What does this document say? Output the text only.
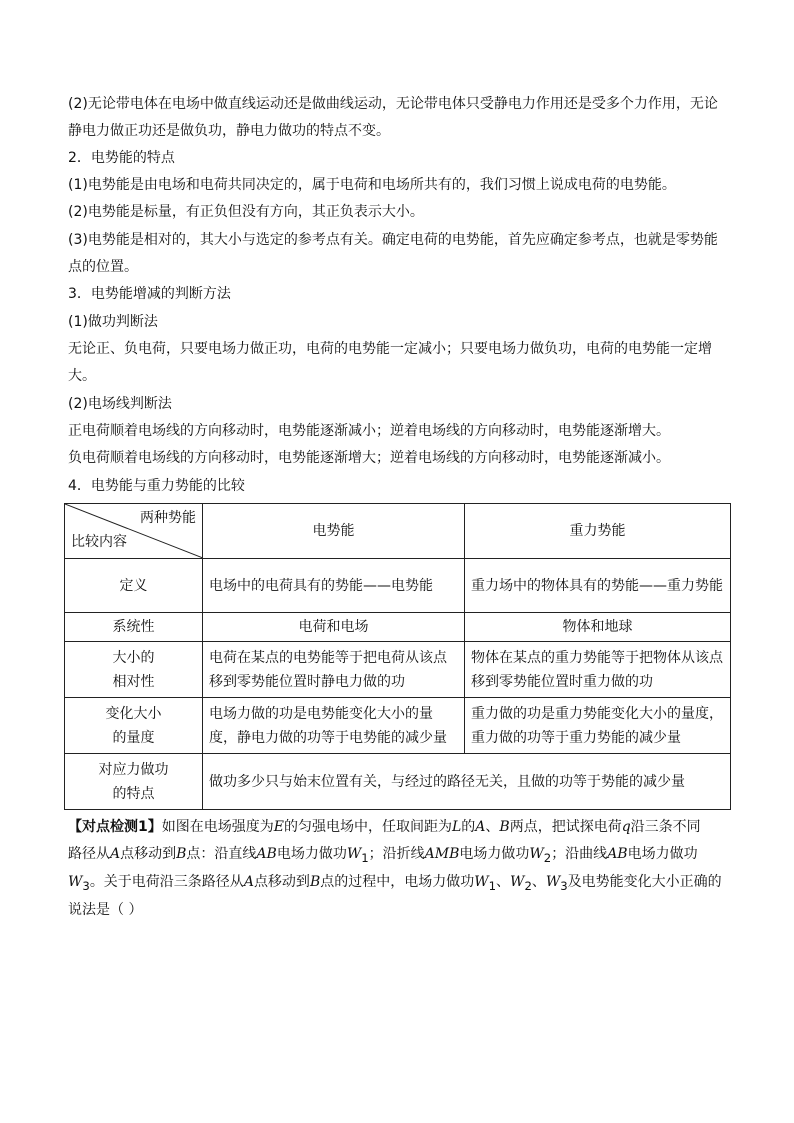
(2)无论带电体在电场中做直线运动还是做曲线运动，无论带电体只受静电力作用还是受多个力作用，无论
静电力做正功还是做负功，静电力做功的特点不变。
2．电势能的特点
(1)电势能是由电场和电荷共同决定的，属于电荷和电场所共有的，我们习惯上说成电荷的电势能。
(2)电势能是标量，有正负但没有方向，其正负表示大小。
(3)电势能是相对的，其大小与选定的参考点有关。确定电荷的电势能，首先应确定参考点，也就是零势能
点的位置。
3．电势能增减的判断方法
(1)做功判断法
无论正、负电荷，只要电场力做正功，电荷的电势能一定减小；只要电场力做负功，电荷的电势能一定增
大。
(2)电场线判断法
正电荷顺着电场线的方向移动时，电势能逐渐减小；逆着电场线的方向移动时，电势能逐渐增大。
负电荷顺着电场线的方向移动时，电势能逐渐增大；逆着电场线的方向移动时，电势能逐渐减小。
4．电势能与重力势能的比较
两种势能
比较内容	电势能	重力势能
定义	电场中的电荷具有的势能——电势能	重力场中的物体具有的势能——重力势能
系统性	电荷和电场	物体和地球

大小的
相对性	电荷在某点的电势能等于把电荷从该点移到零势能位置时静电力做的功	物体在某点的重力势能等于把物体从该点移到零势能位置时重力做的功

变化大小
的量度	电场力做的功是电势能变化大小的量度，静电力做的功等于电势能的减少量	重力做的功是重力势能变化大小的量度，重力做的功等于重力势能的减少量

对应力做功
的特点	做功多少只与始末位置有关，与经过的路径无关，且做的功等于势能的减少量	
【对点检测1】如图在电场强度为E的匀强电场中，任取间距为L的A、B两点，把试探电荷q沿三条不同
路径从A点移动到B点：沿直线AB电场力做功$W_1$；沿折线AMB电场力做功$W_2$；沿曲线AB电场力做功
$W_3$。关于电荷沿三条路径从A点移动到B点的过程中，电场力做功$W_1$、$W_2$、$W_3$及电势能变化大小正确的
说法是（ ）
